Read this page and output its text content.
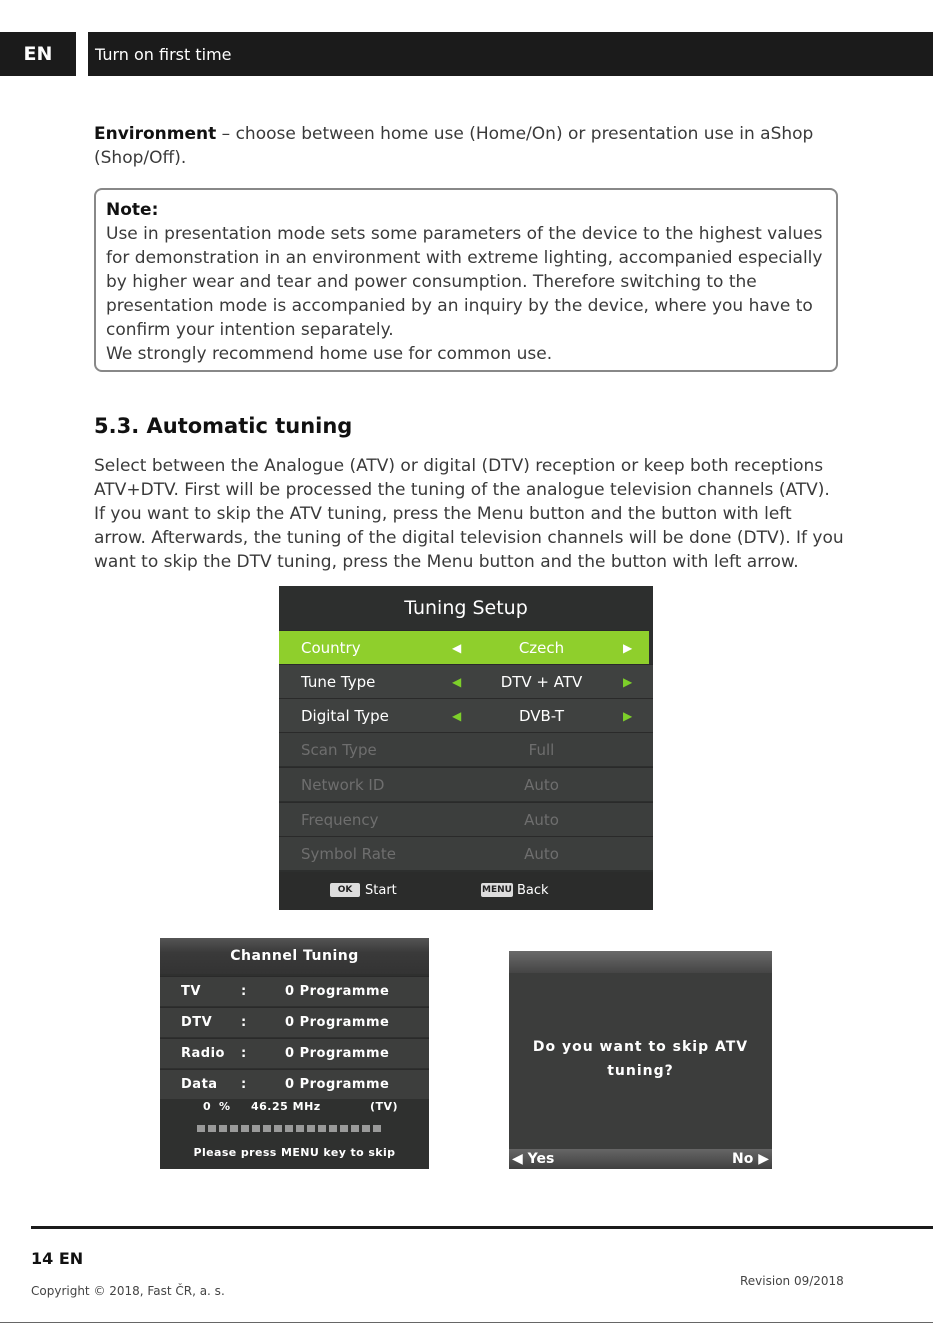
EN	Turn on first time
Environment – choose between home use (Home/On) or presentation use in aShop (Shop/Off).
Note:
Use in presentation mode sets some parameters of the device to the highest values for demonstration in an environment with extreme lighting, accompanied especially by higher wear and tear and power consumption. Therefore switching to the presentation mode is accompanied by an inquiry by the device, where you have to confirm your intention separately.
We strongly recommend home use for common use.
5.3. Automatic tuning
Select between the Analogue (ATV) or digital (DTV) reception or keep both receptions ATV+DTV. First will be processed the tuning of the analogue television channels (ATV). If you want to skip the ATV tuning, press the Menu button and the button with left arrow. Afterwards, the tuning of the digital television channels will be done (DTV). If you want to skip the DTV tuning, press the Menu button and the button with left arrow.
Tuning Setup
Country	◀	Czech	▶
Tune Type	◀	DTV + ATV	▶
Digital Type	◀	DVB-T	▶
Scan Type	Full
Network ID	Auto
Frequency	Auto
Symbol Rate	Auto
OK Start	MENU Back
Channel Tuning
TV	:	0 Programme
DTV :	0 Programme
Radio :	0 Programme
Data :	0 Programme
0 % 46.25 MHz	(TV)
Please press MENU key to skip
Do you want to skip ATV
tuning?
◀ Yes	No ▶
14 EN
Copyright © 2018, Fast ČR, a. s.
Revision 09/2018
